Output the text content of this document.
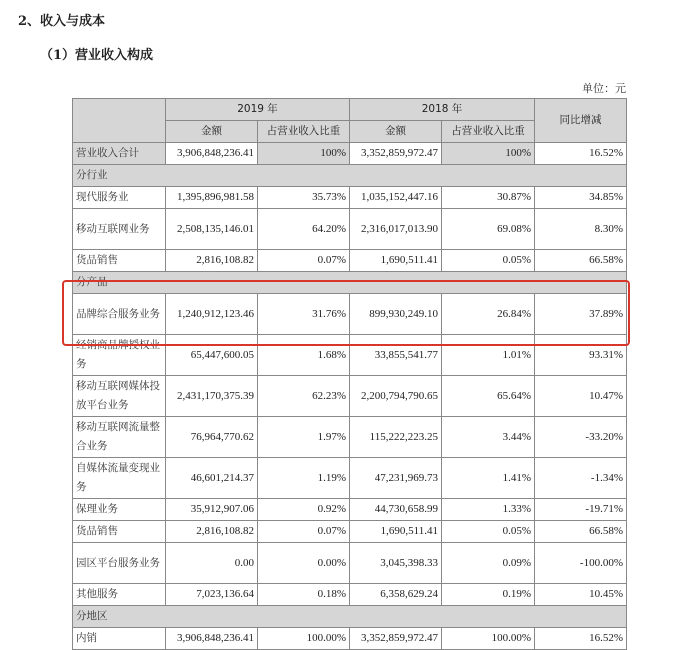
2、收入与成本
（1）营业收入构成
单位：元
	2019 年		2018 年		同比增减
	金额	占营业收入比重	金额	占营业收入比重	
营业收入合计	3,906,848,236.41	100%	3,352,859,972.47	100%	16.52%
分行业					
现代服务业	1,395,896,981.58	35.73%	1,035,152,447.16	30.87%	34.85%
移动互联网业务	2,508,135,146.01	64.20%	2,316,017,013.90	69.08%	8.30%
货品销售	2,816,108.82	0.07%	1,690,511.41	0.05%	66.58%
分产品					
品牌综合服务业务	1,240,912,123.46	31.76%	899,930,249.10	26.84%	37.89%
经销商品牌授权业务	65,447,600.05	1.68%	33,855,541.77	1.01%	93.31%
移动互联网媒体投放平台业务	2,431,170,375.39	62.23%	2,200,794,790.65	65.64%	10.47%
移动互联网流量整合业务	76,964,770.62	1.97%	115,222,223.25	3.44%	-33.20%
自媒体流量变现业务	46,601,214.37	1.19%	47,231,969.73	1.41%	-1.34%
保理业务	35,912,907.06	0.92%	44,730,658.99	1.33%	-19.71%
货品销售	2,816,108.82	0.07%	1,690,511.41	0.05%	66.58%
园区平台服务业务	0.00	0.00%	3,045,398.33	0.09%	-100.00%
其他服务	7,023,136.64	0.18%	6,358,629.24	0.19%	10.45%
分地区					
内销	3,906,848,236.41	100.00%	3,352,859,972.47	100.00%	16.52%
